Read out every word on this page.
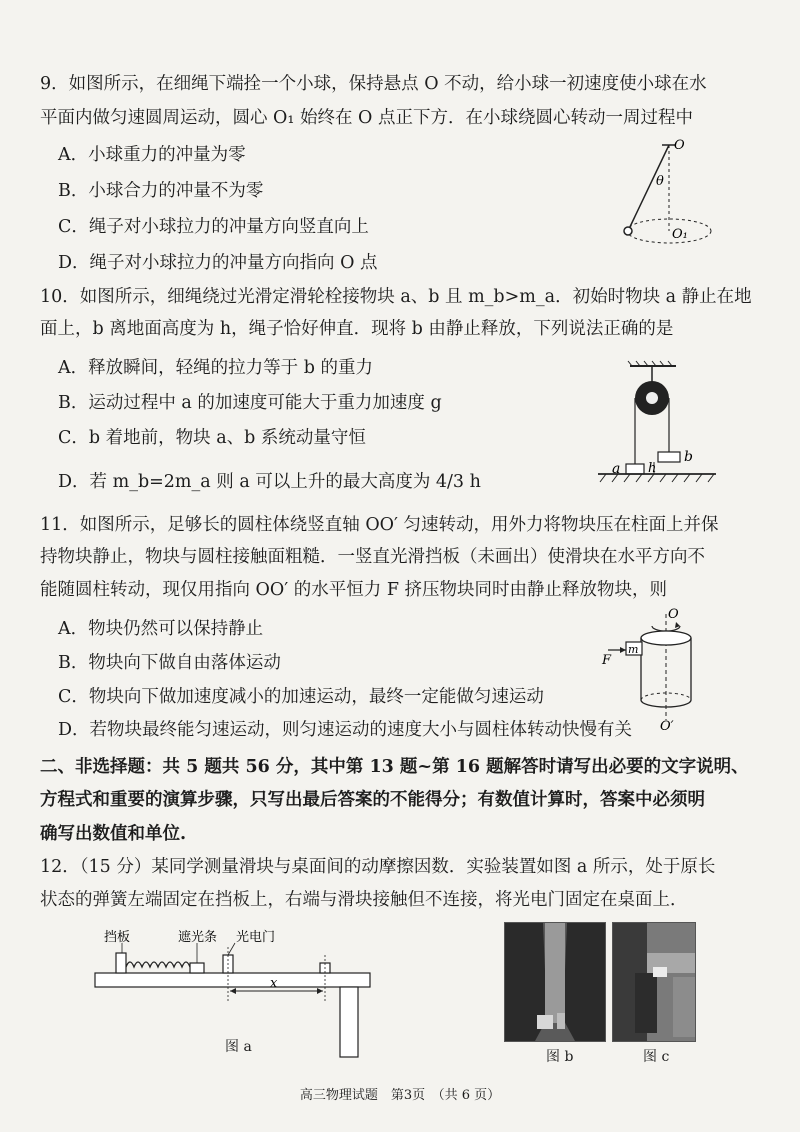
9．如图所示，在细绳下端拴一个小球，保持悬点 O 不动，给小球一初速度使小球在水
平面内做匀速圆周运动，圆心 O₁ 始终在 O 点正下方．在小球绕圆心转动一周过程中
A．小球重力的冲量为零
B．小球合力的冲量不为零
C．绳子对小球拉力的冲量方向竖直向上
D．绳子对小球拉力的冲量方向指向 O 点
O
θ
O₁
10．如图所示，细绳绕过光滑定滑轮栓接物块 a、b 且 m_b>m_a．初始时物块 a 静止在地
面上，b 离地面高度为 h，绳子恰好伸直．现将 b 由静止释放，下列说法正确的是
A．释放瞬间，轻绳的拉力等于 b 的重力
B．运动过程中 a 的加速度可能大于重力加速度 g
C．b 着地前，物块 a、b 系统动量守恒
D．若 m_b=2m_a 则 a 可以上升的最大高度为 4/3 h
a
b
h
11．如图所示，足够长的圆柱体绕竖直轴 OO′ 匀速转动，用外力将物块压在柱面上并保
持物块静止，物块与圆柱接触面粗糙．一竖直光滑挡板（未画出）使滑块在水平方向不
能随圆柱转动，现仅用指向 OO′ 的水平恒力 F 挤压物块同时由静止释放物块，则
A．物块仍然可以保持静止
B．物块向下做自由落体运动
C．物块向下做加速度减小的加速运动，最终一定能做匀速运动
D．若物块最终能匀速运动，则匀速运动的速度大小与圆柱体转动快慢有关
O
O′
F
m
二、非选择题：共 5 题共 56 分，其中第 13 题~第 16 题解答时请写出必要的文字说明、
方程式和重要的演算步骤，只写出最后答案的不能得分；有数值计算时，答案中必须明
确写出数值和单位.
12．（15 分）某同学测量滑块与桌面间的动摩擦因数．实验装置如图 a 所示，处于原长
状态的弹簧左端固定在挡板上，右端与滑块接触但不连接，将光电门固定在桌面上．
挡板	遮光条 光电门
x
图 a
图 b	图 c
高三物理试题　第3页　（共 6 页）
